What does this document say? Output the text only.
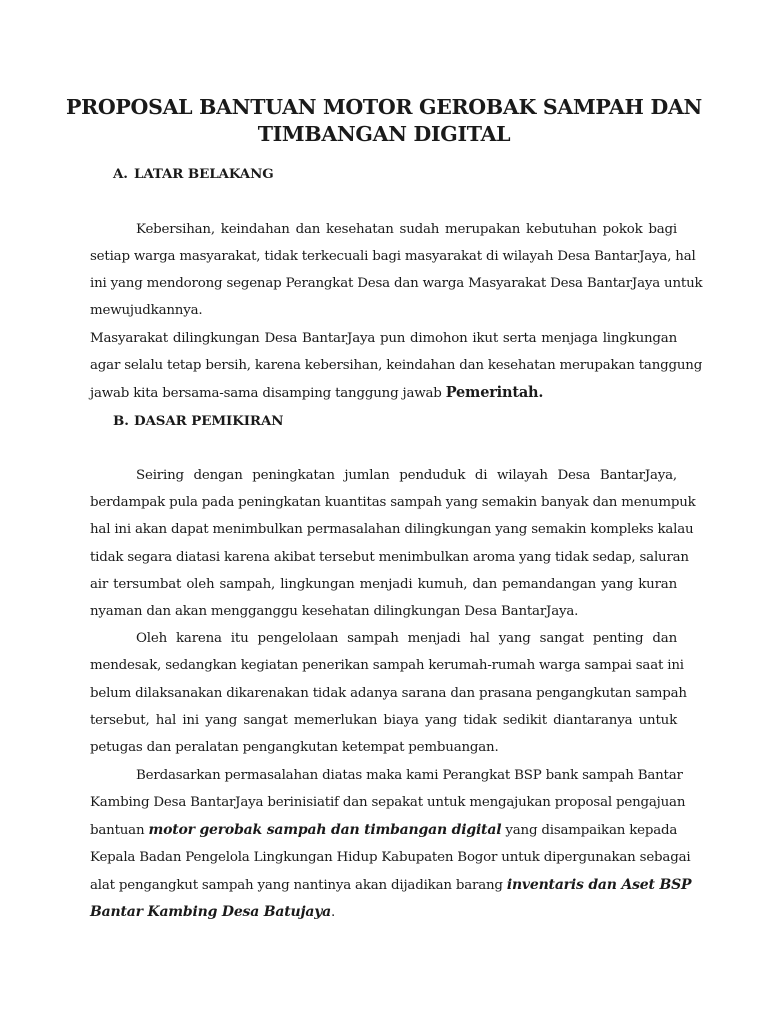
PROPOSAL BANTUAN MOTOR GEROBAK SAMPAH DAN
TIMBANGAN DIGITAL
A. LATAR BELAKANG

Kebersihan, keindahan dan kesehatan sudah merupakan kebutuhan pokok bagi

setiap warga masyarakat, tidak terkecuali bagi masyarakat di wilayah Desa BantarJaya, hal

ini yang mendorong segenap Perangkat Desa dan warga Masyarakat Desa BantarJaya untuk

mewujudkannya.

Masyarakat dilingkungan Desa BantarJaya pun dimohon ikut serta menjaga lingkungan

agar selalu tetap bersih, karena kebersihan, keindahan dan kesehatan merupakan tanggung

jawab kita bersama-sama disamping tanggung jawab Pemerintah.

B. DASAR PEMIKIRAN

Seiring dengan peningkatan jumlan penduduk di wilayah Desa BantarJaya,

berdampak pula pada peningkatan kuantitas sampah yang semakin banyak dan menumpuk

hal ini akan dapat menimbulkan permasalahan dilingkungan yang semakin kompleks kalau

tidak segara diatasi karena akibat tersebut menimbulkan aroma yang tidak sedap, saluran

air tersumbat oleh sampah, lingkungan menjadi kumuh, dan pemandangan yang kuran

nyaman dan akan mengganggu kesehatan dilingkungan Desa BantarJaya.

Oleh karena itu pengelolaan sampah menjadi hal yang sangat penting dan

mendesak, sedangkan kegiatan penerikan sampah kerumah-rumah warga sampai saat ini

belum dilaksanakan dikarenakan tidak adanya sarana dan prasana pengangkutan sampah

tersebut, hal ini yang sangat memerlukan biaya yang tidak sedikit diantaranya untuk

petugas dan peralatan pengangkutan ketempat pembuangan.

Berdasarkan permasalahan diatas maka kami Perangkat BSP bank sampah Bantar

Kambing Desa BantarJaya berinisiatif dan sepakat untuk mengajukan proposal pengajuan

bantuan motor gerobak sampah dan timbangan digital yang disampaikan kepada

Kepala Badan Pengelola Lingkungan Hidup Kabupaten Bogor untuk dipergunakan sebagai

alat pengangkut sampah yang nantinya akan dijadikan barang inventaris dan Aset BSP

Bantar Kambing Desa Batujaya.
